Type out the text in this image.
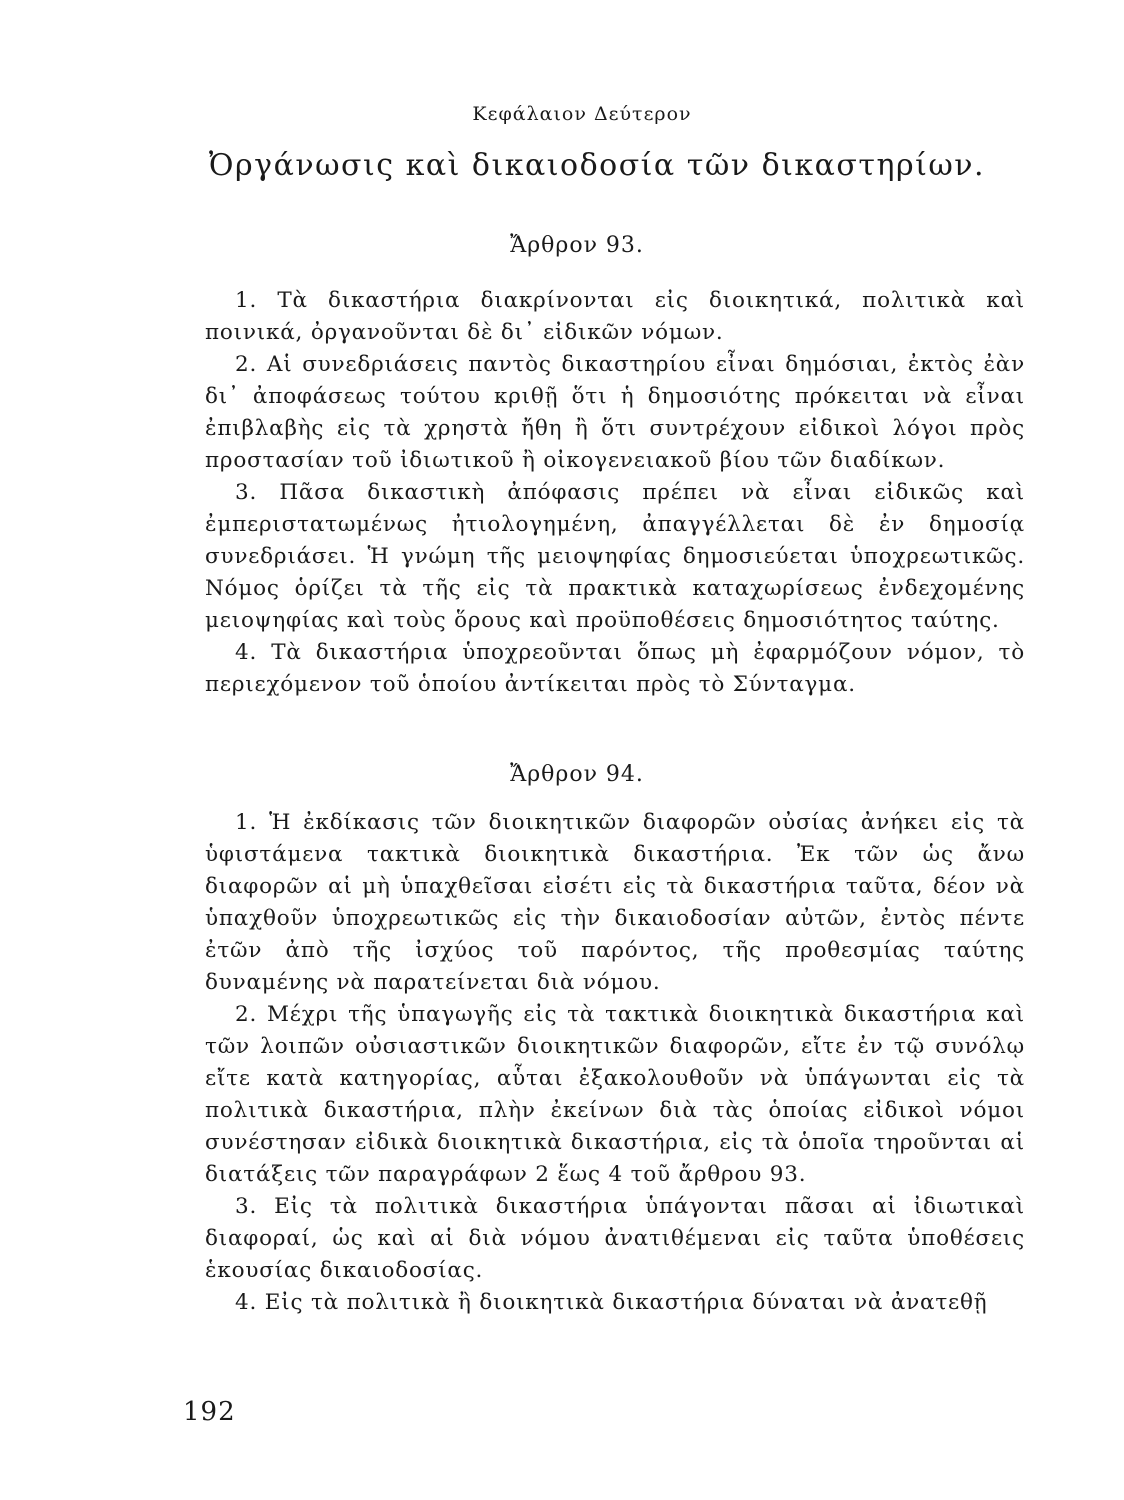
Κεφάλαιον Δεύτερον
Ὀργάνωσις καὶ δικαιοδοσία τῶν δικαστηρίων.
Ἄρθρον 93.

1. Τὰ δικαστήρια διακρίνονται εἰς διοικητικά, πολιτικὰ καὶ ποινικά, ὀργανοῦνται δὲ δι᾽ εἰδικῶν νόμων.

2. Αἱ συνεδριάσεις παντὸς δικαστηρίου εἶναι δημόσιαι, ἐκτὸς ἐὰν δι᾽ ἀποφάσεως τούτου κριθῇ ὅτι ἡ δημοσιότης πρόκειται νὰ εἶναι ἐπιβλαβὴς εἰς τὰ χρηστὰ ἤθη ἢ ὅτι συντρέχουν εἰδικοὶ λόγοι πρὸς προστασίαν τοῦ ἰδιωτικοῦ ἢ οἰκογενειακοῦ βίου τῶν διαδίκων.

3. Πᾶσα δικαστικὴ ἀπόφασις πρέπει νὰ εἶναι εἰδικῶς καὶ ἐμπεριστατωμένως ἠτιολογημένη, ἀπαγγέλλεται δὲ ἐν δημοσίᾳ συνεδριάσει. Ἡ γνώμη τῆς μειοψηφίας δημοσιεύεται ὑποχρεωτικῶς. Νόμος ὁρίζει τὰ τῆς εἰς τὰ πρακτικὰ καταχωρίσεως ἐνδεχομένης μειοψηφίας καὶ τοὺς ὅρους καὶ προϋποθέσεις δημοσιότητος ταύτης.

4. Τὰ δικαστήρια ὑποχρεοῦνται ὅπως μὴ ἐφαρμόζουν νόμον, τὸ περιεχόμενον τοῦ ὁποίου ἀντίκειται πρὸς τὸ Σύνταγμα.

Ἄρθρον 94.

1. Ἡ ἐκδίκασις τῶν διοικητικῶν διαφορῶν οὐσίας ἀνήκει εἰς τὰ ὑφιστάμενα τακτικὰ διοικητικὰ δικαστήρια. Ἐκ τῶν ὡς ἄνω διαφορῶν αἱ μὴ ὑπαχθεῖσαι εἰσέτι εἰς τὰ δικαστήρια ταῦτα, δέον νὰ ὑπαχθοῦν ὑποχρεωτικῶς εἰς τὴν δικαιοδοσίαν αὐτῶν, ἐντὸς πέντε ἐτῶν ἀπὸ τῆς ἰσχύος τοῦ παρόντος, τῆς προθεσμίας ταύτης δυναμένης νὰ παρατείνεται διὰ νόμου.

2. Μέχρι τῆς ὑπαγωγῆς εἰς τὰ τακτικὰ διοικητικὰ δικαστήρια καὶ τῶν λοιπῶν οὐσιαστικῶν διοικητικῶν διαφορῶν, εἴτε ἐν τῷ συνόλῳ εἴτε κατὰ κατηγορίας, αὗται ἐξακολουθοῦν νὰ ὑπάγωνται εἰς τὰ πολιτικὰ δικαστήρια, πλὴν ἐκείνων διὰ τὰς ὁποίας εἰδικοὶ νόμοι συνέστησαν εἰδικὰ διοικητικὰ δικαστήρια, εἰς τὰ ὁποῖα τηροῦνται αἱ διατάξεις τῶν παραγράφων 2 ἕως 4 τοῦ ἄρθρου 93.

3. Εἰς τὰ πολιτικὰ δικαστήρια ὑπάγονται πᾶσαι αἱ ἰδιωτικαὶ διαφοραί, ὡς καὶ αἱ διὰ νόμου ἀνατιθέμεναι εἰς ταῦτα ὑποθέσεις ἑκουσίας δικαιοδοσίας.

4. Εἰς τὰ πολιτικὰ ἢ διοικητικὰ δικαστήρια δύναται νὰ ἀνατεθῇ

192
